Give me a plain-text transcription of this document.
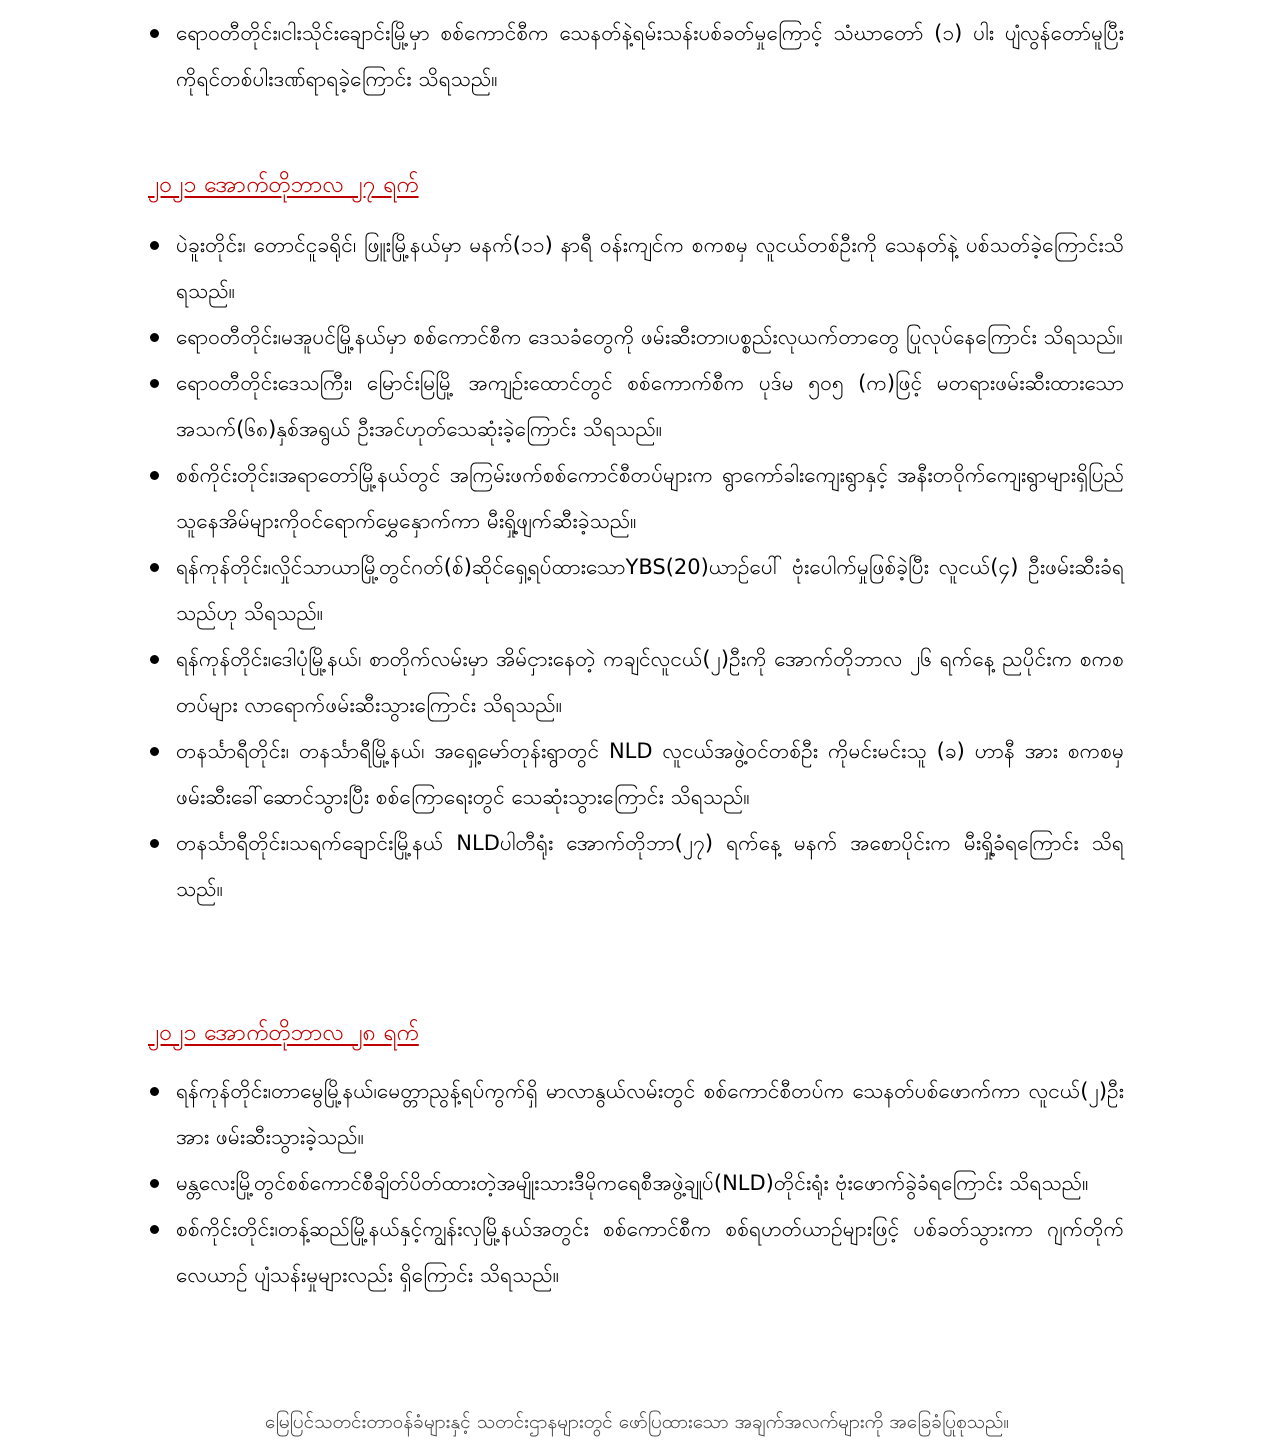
ရောဝတီတိုင်း၊ငါးသိုင်းချောင်းမြို့မှာ စစ်ကောင်စီက သေနတ်နဲ့ရမ်းသန်းပစ်ခတ်မှုကြောင့် သံဃာတော် (၁) ပါး ပျံလွန်တော်မူပြီး ကိုရင်တစ်ပါးဒဏ်ရာရခဲ့ကြောင်း သိရသည်။
၂၀၂၁ အောက်တိုဘာလ ၂၇ ရက်
ပဲခူးတိုင်း၊ တောင်ငူခရိုင်၊ ဖြူးမြို့နယ်မှာ မနက်(၁၁) နာရီ ဝန်းကျင်က စကစမှ လူငယ်တစ်ဦးကို သေနတ်နဲ့ ပစ်သတ်ခဲ့ကြောင်းသိရသည်။
ရောဝတီတိုင်း၊မအူပင်မြို့နယ်မှာ စစ်ကောင်စီက ဒေသခံတွေကို ဖမ်းဆီးတာ၊ပစ္စည်းလုယက်တာတွေ ပြုလုပ်နေကြောင်း သိရသည်။
ရောဝတီတိုင်းဒေသကြီး၊ မြောင်းမြမြို့ အကျဥ်းထောင်တွင် စစ်ကောက်စီက ပုဒ်မ ၅၀၅ (က)ဖြင့် မတရားဖမ်းဆီးထားသော အသက်(၆၈)နှစ်အရွယ် ဦးအင်ဟုတ်သေဆုံးခဲ့ကြောင်း သိရသည်။
စစ်ကိုင်းတိုင်း၊အရာတော်မြို့နယ်တွင် အကြမ်းဖက်စစ်ကောင်စီတပ်များက ရွာကော်ခါးကျေးရွာနှင့် အနီးတဝိုက်ကျေးရွာများရှိပြည်သူနေအိမ်များကိုဝင်ရောက်မွှေနှောက်ကာ မီးရှို့ဖျက်ဆီးခဲ့သည်။
ရန်ကုန်တိုင်း၊လှိုင်သာယာမြို့တွင်ဂတ်(စ်)ဆိုင်ရှေ့ရပ်ထားသောYBS(20)ယာဥ်ပေါ် ဗုံးပေါက်မှုဖြစ်ခဲ့ပြီး လူငယ်(၄) ဦးဖမ်းဆီးခံရသည်ဟု သိရသည်။
ရန်ကုန်တိုင်း၊ဒေါပုံမြို့နယ်၊ စာတိုက်လမ်းမှာ အိမ်ငှားနေတဲ့ ကချင်လူငယ်(၂)ဦးကို အောက်တိုဘာလ ၂၆ ရက်နေ့ ညပိုင်းက စကစတပ်များ လာရောက်ဖမ်းဆီးသွားကြောင်း သိရသည်။
တနင်္သာရီတိုင်း၊ တနင်္သာရီမြို့နယ်၊ အရှေ့မော်တုန်းရွာတွင် NLD လူငယ်အဖွဲ့ဝင်တစ်ဦး ကိုမင်းမင်းသူ (ခ) ဟာနီ အား စကစမှ ဖမ်းဆီးခေါ်ဆောင်သွားပြီး စစ်ကြောရေးတွင် သေဆုံးသွားကြောင်း သိရသည်။
တနင်္သာရီတိုင်း၊သရက်ချောင်းမြို့နယ် NLDပါတီရုံး အောက်တိုဘာ(၂၇) ရက်နေ့ မနက် အစောပိုင်းက မီးရှို့ခံရကြောင်း သိရသည်။
၂၀၂၁ အောက်တိုဘာလ ၂၈ ရက်
ရန်ကုန်တိုင်း၊တာမွေမြို့နယ်၊မေတ္တာညွန့်ရပ်ကွက်ရှိ မာလာနွယ်လမ်းတွင် စစ်ကောင်စီတပ်က သေနတ်ပစ်ဖောက်ကာ လူငယ်(၂)ဦးအား ဖမ်းဆီးသွားခဲ့သည်။
မန္တလေးမြို့တွင်စစ်ကောင်စီချိတ်ပိတ်ထားတဲ့အမျိုးသားဒီမိုကရေစီအဖွဲ့ချုပ်(NLD)တိုင်းရုံး ဗုံးဖောက်ခွဲခံရကြောင်း သိရသည်။
စစ်ကိုင်းတိုင်း၊တန့်ဆည်မြို့နယ်နှင့်ကျွန်းလှမြို့နယ်အတွင်း စစ်ကောင်စီက စစ်ရဟတ်ယာဥ်များဖြင့် ပစ်ခတ်သွားကာ ဂျက်တိုက်လေယာဥ် ပျံသန်းမှုများလည်း ရှိကြောင်း သိရသည်။
မြေပြင်သတင်းတာဝန်ခံများနှင့် သတင်းဌာနများတွင် ဖော်ပြထားသော အချက်အလက်များကို အခြေခံပြုစုသည်။
